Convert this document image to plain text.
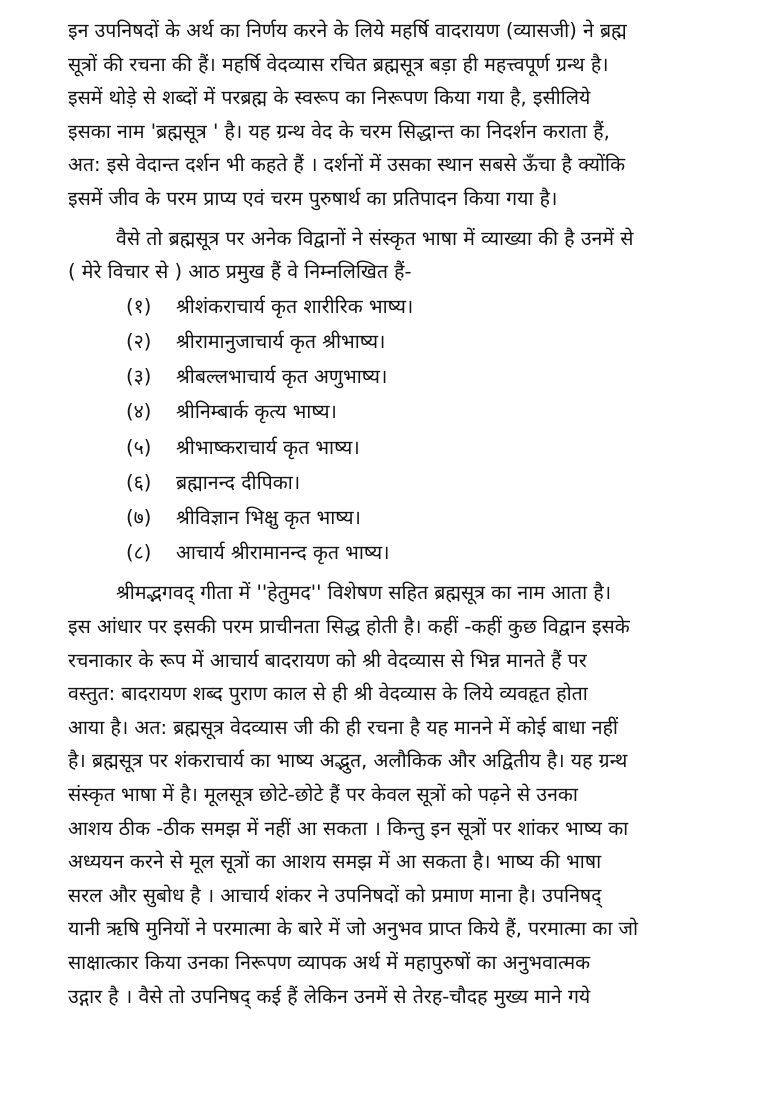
इन उपनिषदों के अर्थ का निर्णय करने के लिये महर्षि वादरायण (व्यासजी) ने ब्रह्म
सूत्रों की रचना की हैं। महर्षि वेदव्यास रचित ब्रह्मसूत्र बड़ा ही महत्त्वपूर्ण ग्रन्थ है।
इसमें थोड़े से शब्दों में परब्रह्म के स्वरूप का निरूपण किया गया है, इसीलिये
इसका नाम 'ब्रह्मसूत्र ' है। यह ग्रन्थ वेद के चरम सिद्धान्त का निदर्शन कराता हैं,
अत: इसे वेदान्त दर्शन भी कहते हैं । दर्शनों में उसका स्थान सबसे ऊँचा है क्योंकि
इसमें जीव के परम प्राप्य एवं चरम पुरुषार्थ का प्रतिपादन किया गया है।

वैसे तो ब्रह्मसूत्र पर अनेक विद्वानों ने संस्कृत भाषा में व्याख्या की है उनमें से
( मेरे विचार से ) आठ प्रमुख हैं वे निम्नलिखित हैं-

(१)	श्रीशंकराचार्य कृत शारीरिक भाष्य।
(२)	श्रीरामानुजाचार्य कृत श्रीभाष्य।
(३)	श्रीबल्लभाचार्य कृत अणुभाष्य।
(४)	श्रीनिम्बार्क कृत्य भाष्य।
(५)	श्रीभाष्कराचार्य कृत भाष्य।
(६)	ब्रह्मानन्द दीपिका।
(७)	श्रीविज्ञान भिक्षु कृत भाष्य।
(८)	आचार्य श्रीरामानन्द कृत भाष्य।

श्रीमद्भगवद् गीता में ''हेतुमद'' विशेषण सहित ब्रह्मसूत्र का नाम आता है।
इस आंधार पर इसकी परम प्राचीनता सिद्ध होती है। कहीं -कहीं कुछ विद्वान इसके
रचनाकार के रूप में आचार्य बादरायण को श्री वेदव्यास से भिन्न मानते हैं पर
वस्तुत: बादरायण शब्द पुराण काल से ही श्री वेदव्यास के लिये व्यवहृत होता
आया है। अत: ब्रह्मसूत्र वेदव्यास जी की ही रचना है यह मानने में कोई बाधा नहीं
है। ब्रह्मसूत्र पर शंकराचार्य का भाष्य अद्भुत, अलौकिक और अद्वितीय है। यह ग्रन्थ
संस्कृत भाषा में है। मूलसूत्र छोटे-छोटे हैं पर केवल सूत्रों को पढ़ने से उनका
आशय ठीक -ठीक समझ में नहीं आ सकता । किन्तु इन सूत्रों पर शांकर भाष्य का
अध्ययन करने से मूल सूत्रों का आशय समझ में आ सकता है। भाष्य की भाषा
सरल और सुबोध है । आचार्य शंकर ने उपनिषदों को प्रमाण माना है। उपनिषद्
यानी ऋषि मुनियों ने परमात्मा के बारे में जो अनुभव प्राप्त किये हैं, परमात्मा का जो
साक्षात्कार किया उनका निरूपण व्यापक अर्थ में महापुरुषों का अनुभवात्मक
उद्गार है । वैसे तो उपनिषद् कई हैं लेकिन उनमें से तेरह-चौदह मुख्य माने गये
